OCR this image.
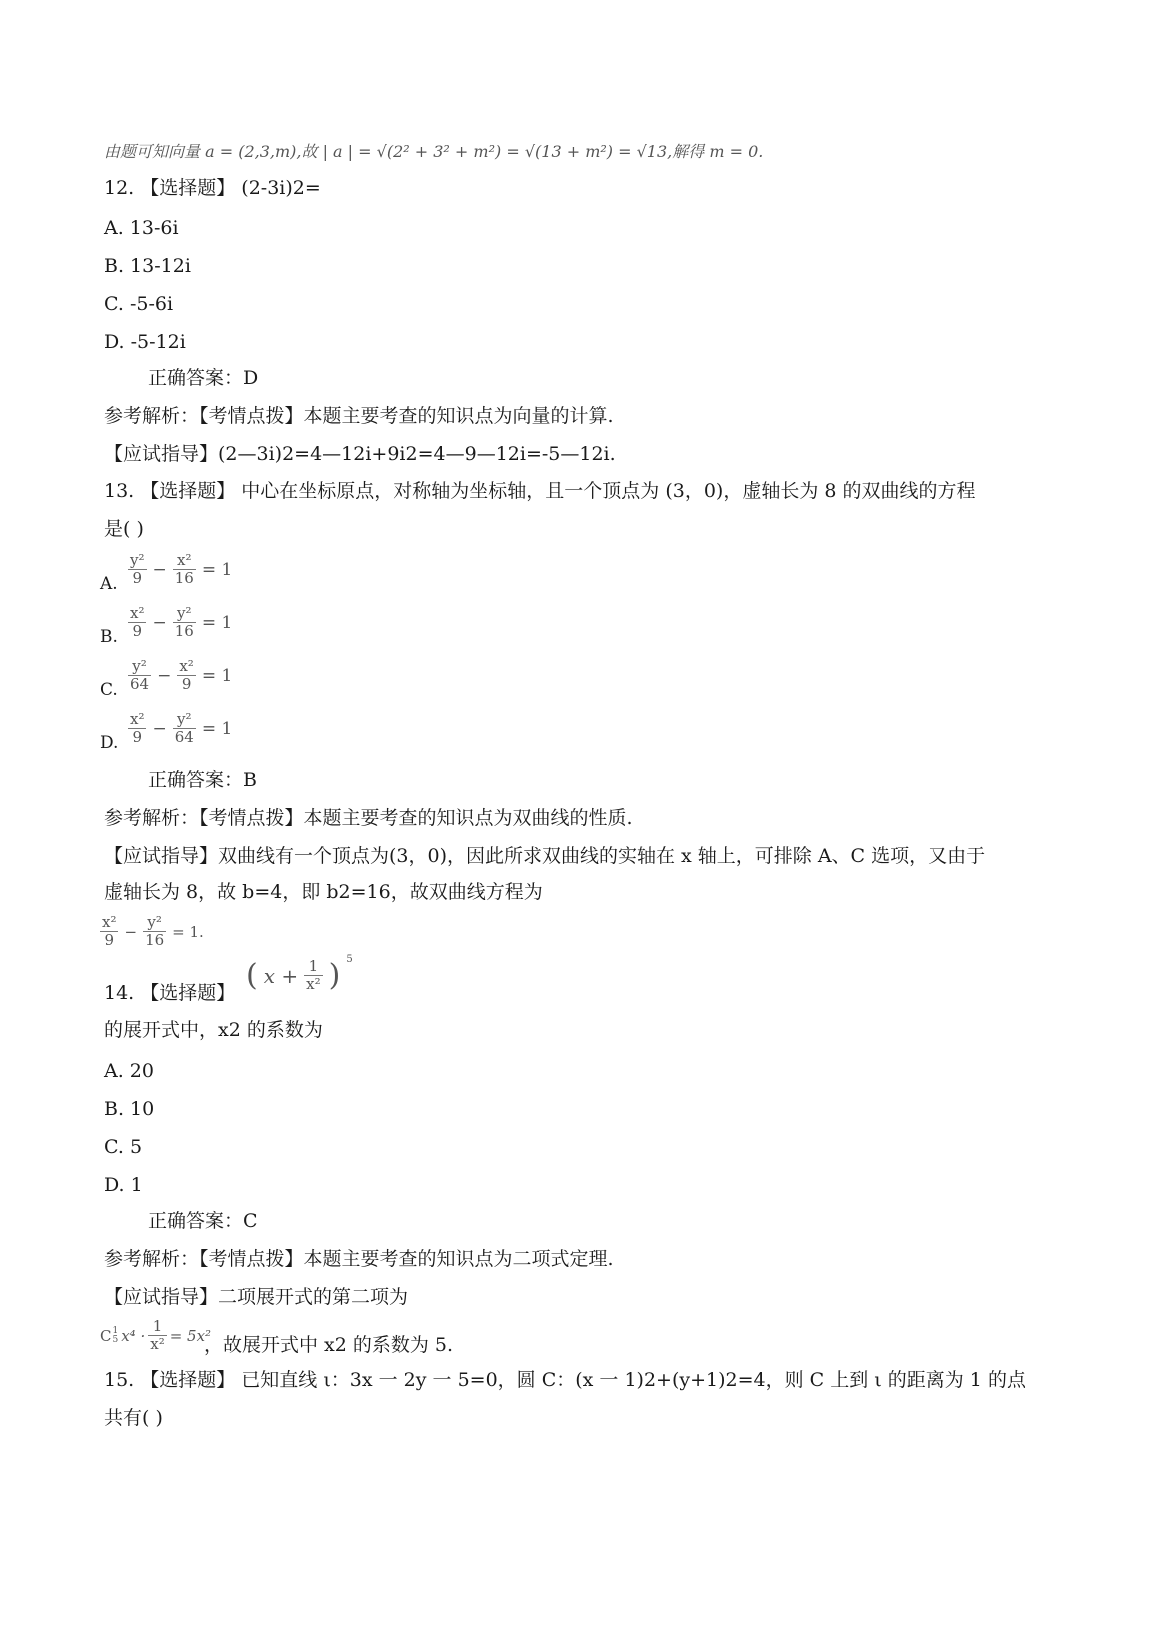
由题可知向量 a = (2,3,m),故 | a | = √(2² + 3² + m²) = √(13 + m²) = √13,解得 m = 0.
12. 【选择题】 (2-3i)2=
A. 13-6i
B. 13-12i
C. -5-6i
D. -5-12i
正确答案：D
参考解析：【考情点拨】本题主要考查的知识点为向量的计算.
【应试指导】(2—3i)2=4—12i+9i2=4—9—12i=-5—12i.
13. 【选择题】 中心在坐标原点，对称轴为坐标轴，且一个顶点为 (3，0)，虚轴长为 8 的双曲线的方程
是( )
A. $\frac{\text{y²}}{9} - \frac{\text{x²}}{16} = 1$
B. $\frac{\text{x²}}{9} - \frac{\text{y²}}{16} = 1$
C. $\frac{\text{y²}}{64} - \frac{\text{x²}}{9} = 1$
D. $\frac{\text{x²}}{9} - \frac{\text{y²}}{64} = 1$
正确答案：B
参考解析：【考情点拨】本题主要考查的知识点为双曲线的性质.
【应试指导】双曲线有一个顶点为(3，0)，因此所求双曲线的实轴在 x 轴上，可排除 A、C 选项，又由于
虚轴长为 8，故 b=4，即 b2=16，故双曲线方程为
$\frac{\text{x²}}{9} - \frac{\text{y²}}{16} = 1$.
14. 【选择题】 ( $x + \frac{1}{\text{x²}}$ ) $^5$
的展开式中，x2 的系数为
A. 20
B. 10
C. 5
D. 1
正确答案：C
参考解析：【考情点拨】本题主要考查的知识点为二项式定理.
【应试指导】二项展开式的第二项为
C 1
5 $x^4 \cdot \frac{1}{\text{x²}} = 5x^2$
，故展开式中 x2 的系数为 5.
15. 【选择题】 已知直线 ι：3x 一 2y 一 5=0，圆 C：(x 一 1)2+(y+1)2=4，则 C 上到 ι 的距离为 1 的点
共有( )
